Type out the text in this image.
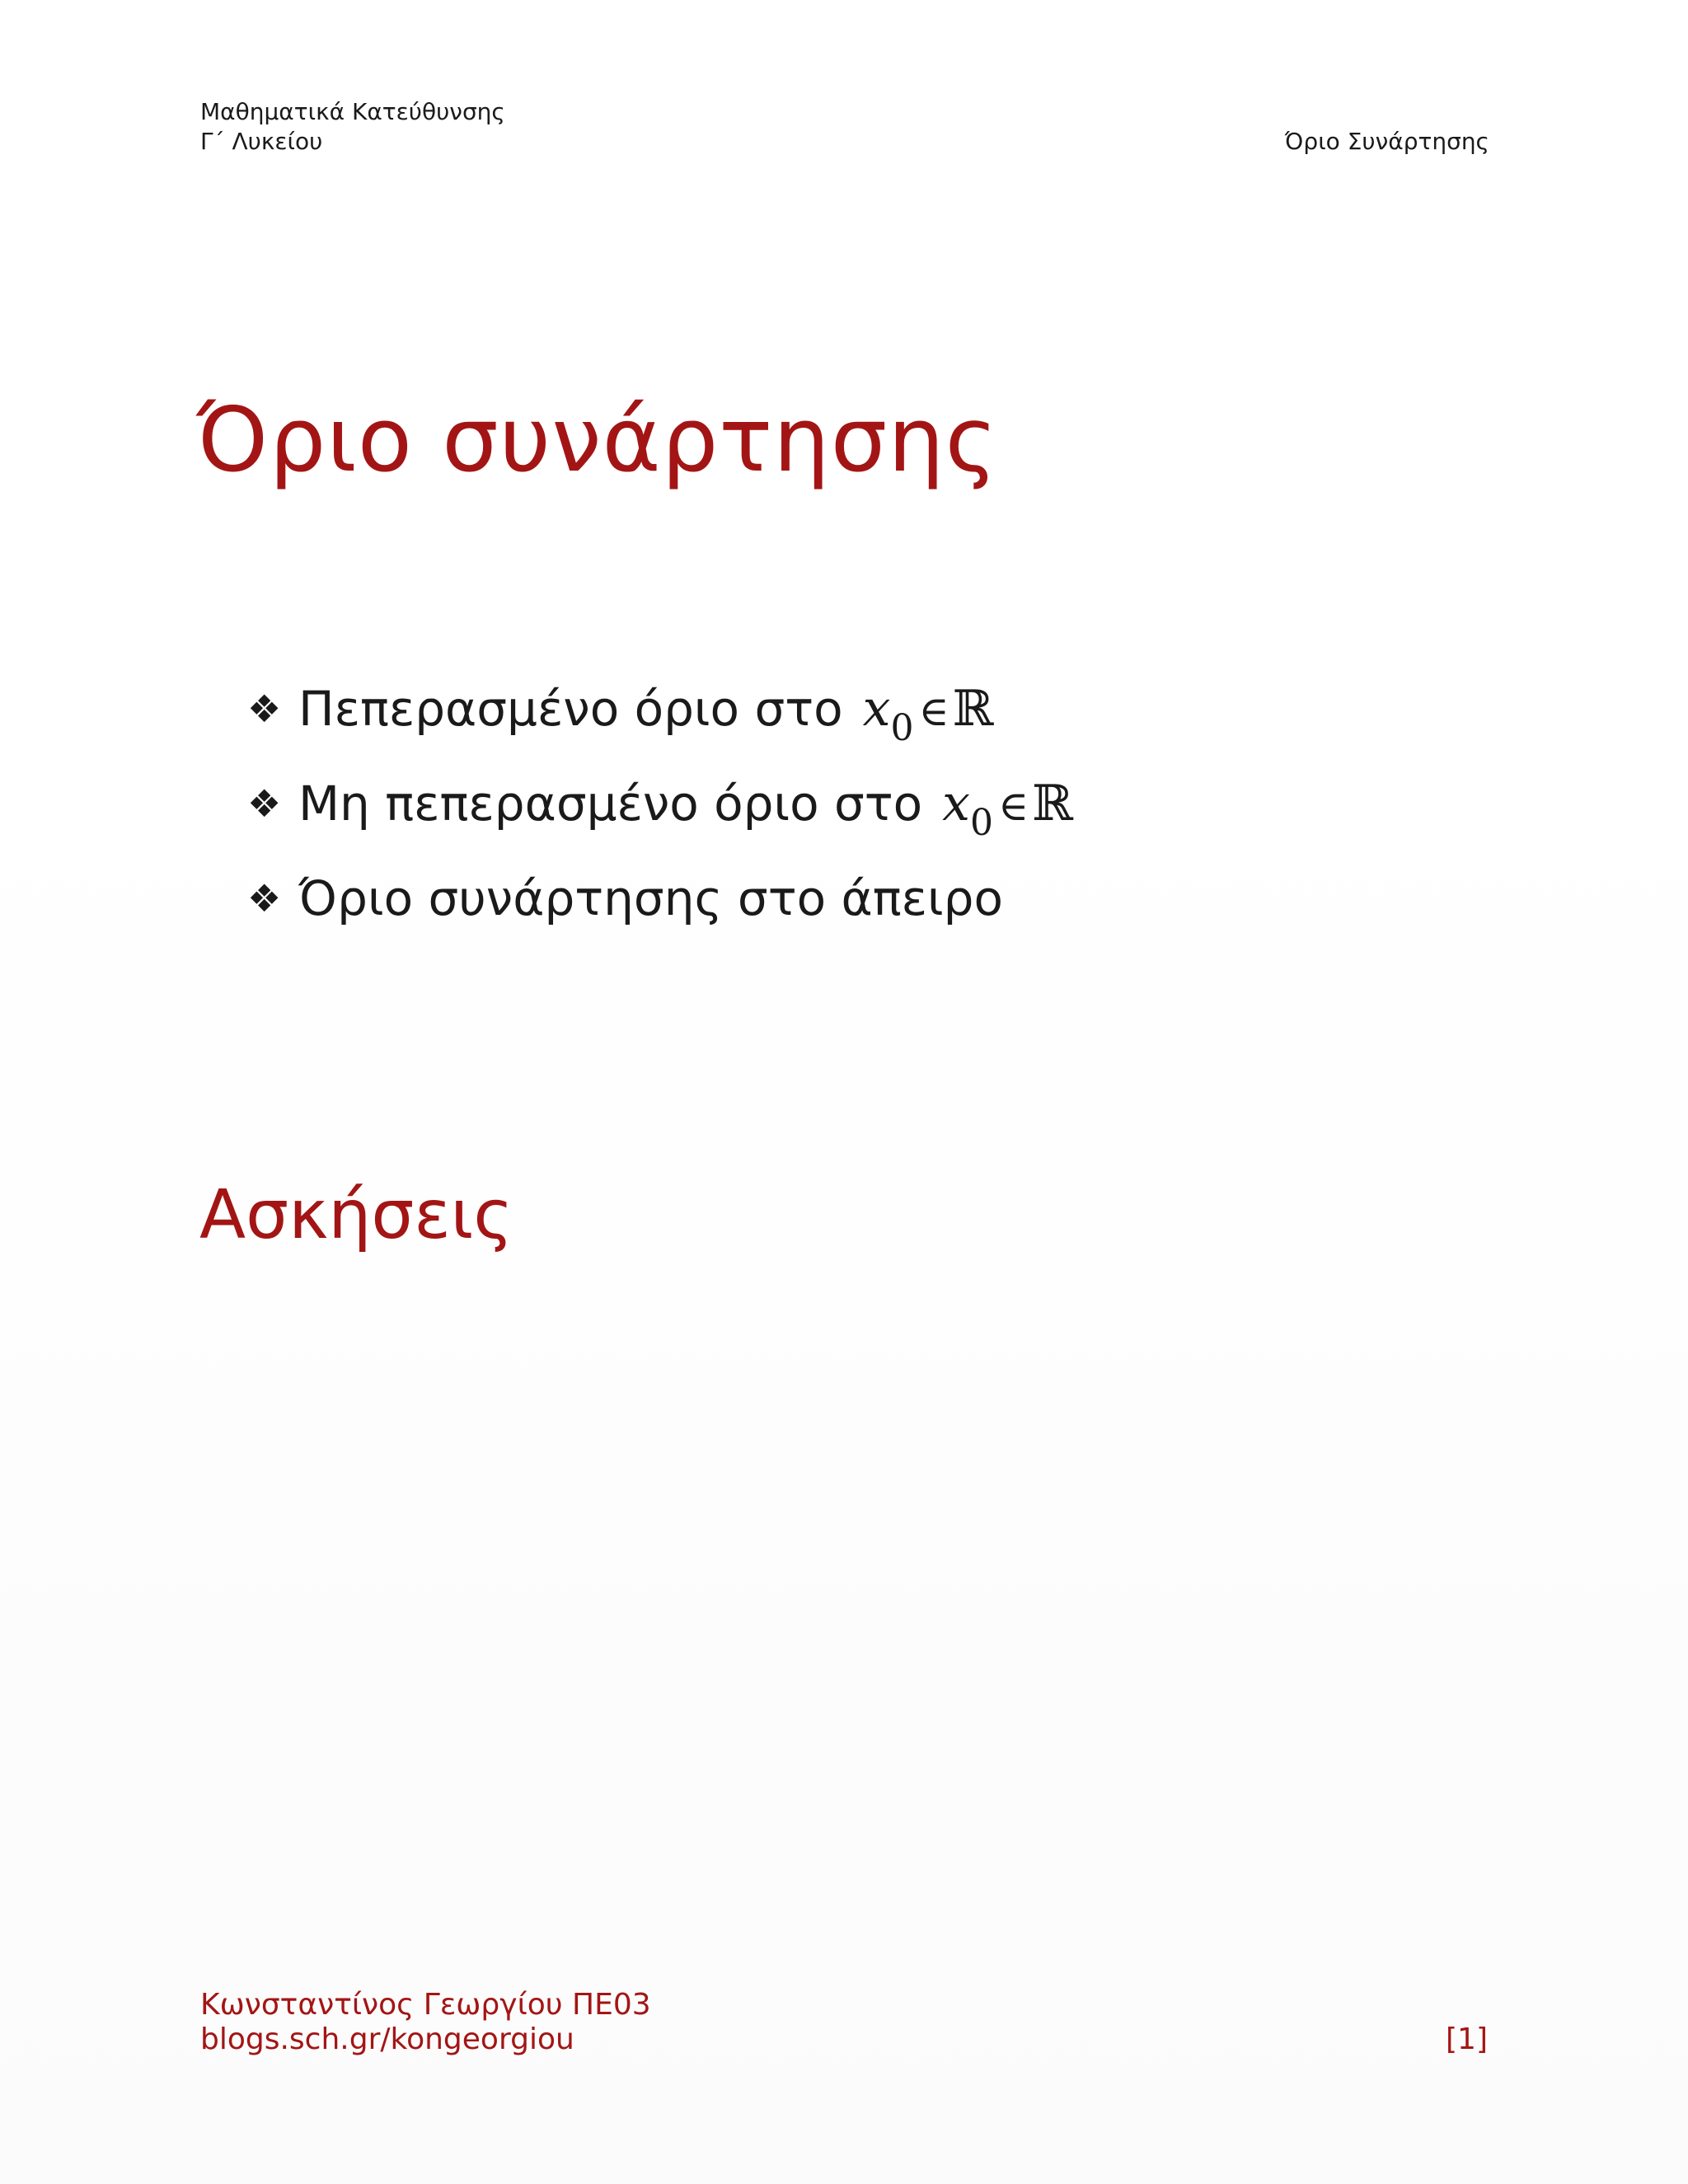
Μαθηματικά Κατεύθυνσης
Γ΄ Λυκείου	Όριο Συνάρτησης
Όριο συνάρτησης
❖ Πεπερασμένο όριο στο $x_0$ ∈ℝ
❖ Μη πεπερασμένο όριο στο $x_0$ ∈ℝ
❖ Όριο συνάρτησης στο άπειρο
Ασκήσεις
Κωνσταντίνος Γεωργίου ΠΕ03
blogs.sch.gr/kongeorgiou	[1]
